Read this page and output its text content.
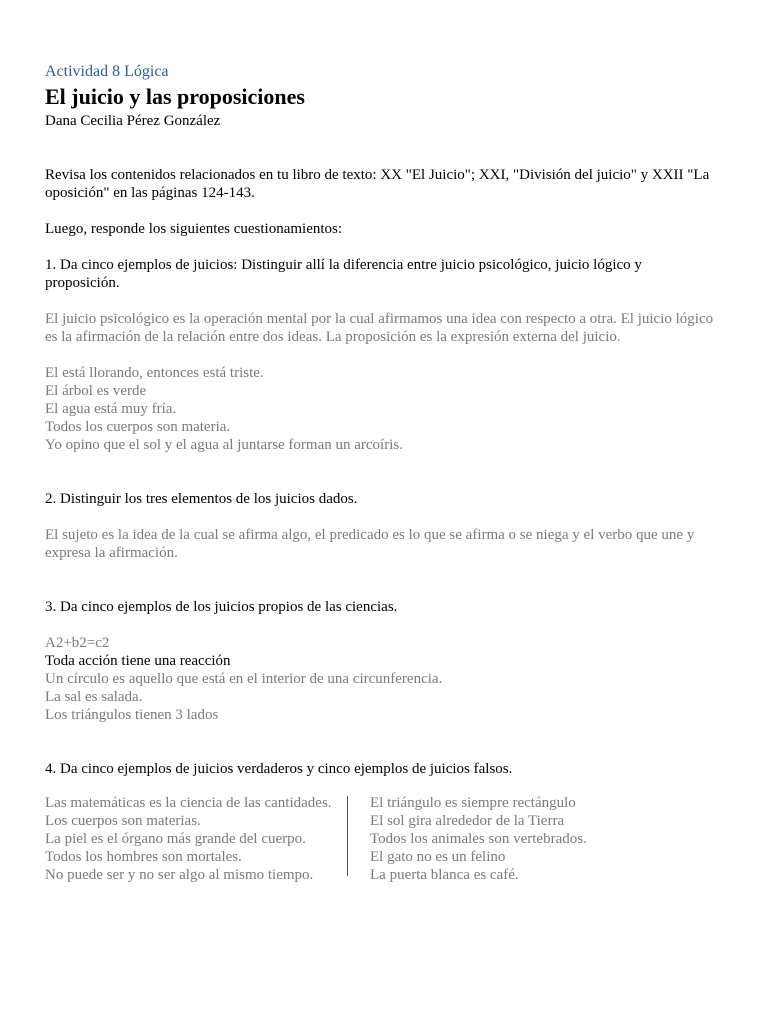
Actividad 8 Lógica
El juicio y las proposiciones
Dana Cecilia Pérez González
Revisa los contenidos relacionados en tu libro de texto: XX "El Juicio"; XXI, "División del juicio" y XXII "La
oposición" en las páginas 124-143.
Luego, responde los siguientes cuestionamientos:
1. Da cinco ejemplos de juicios: Distinguir allí la diferencia entre juicio psicológico, juicio lógico y
proposición.
El juicio psicológico es la operación mental por la cual afirmamos una idea con respecto a otra. El juicio lógico
es la afirmación de la relación entre dos ideas. La proposición es la expresión externa del juicio.
El está llorando, entonces está triste.
El árbol es verde
El agua está muy fría.
Todos los cuerpos son materia.
Yo opino que el sol y el agua al juntarse forman un arcoíris.
2. Distinguir los tres elementos de los juicios dados.
El sujeto es la idea de la cual se afirma algo, el predicado es lo que se afirma o se niega y el verbo que une y
expresa la afirmación.
3. Da cinco ejemplos de los juicios propios de las ciencias.
A2+b2=c2
Toda acción tiene una reacción
Un círculo es aquello que está en el interior de una circunferencia.
La sal es salada.
Los triángulos tienen 3 lados
4. Da cinco ejemplos de juicios verdaderos y cinco ejemplos de juicios falsos.
Las matemáticas es la ciencia de las cantidades.
Los cuerpos son materias.
La piel es el órgano más grande del cuerpo.
Todos los hombres son mortales.
No puede ser y no ser algo al mismo tiempo.
El triángulo es siempre rectángulo
El sol gira alrededor de la Tierra
Todos los animales son vertebrados.
El gato no es un felino
La puerta blanca es café.
